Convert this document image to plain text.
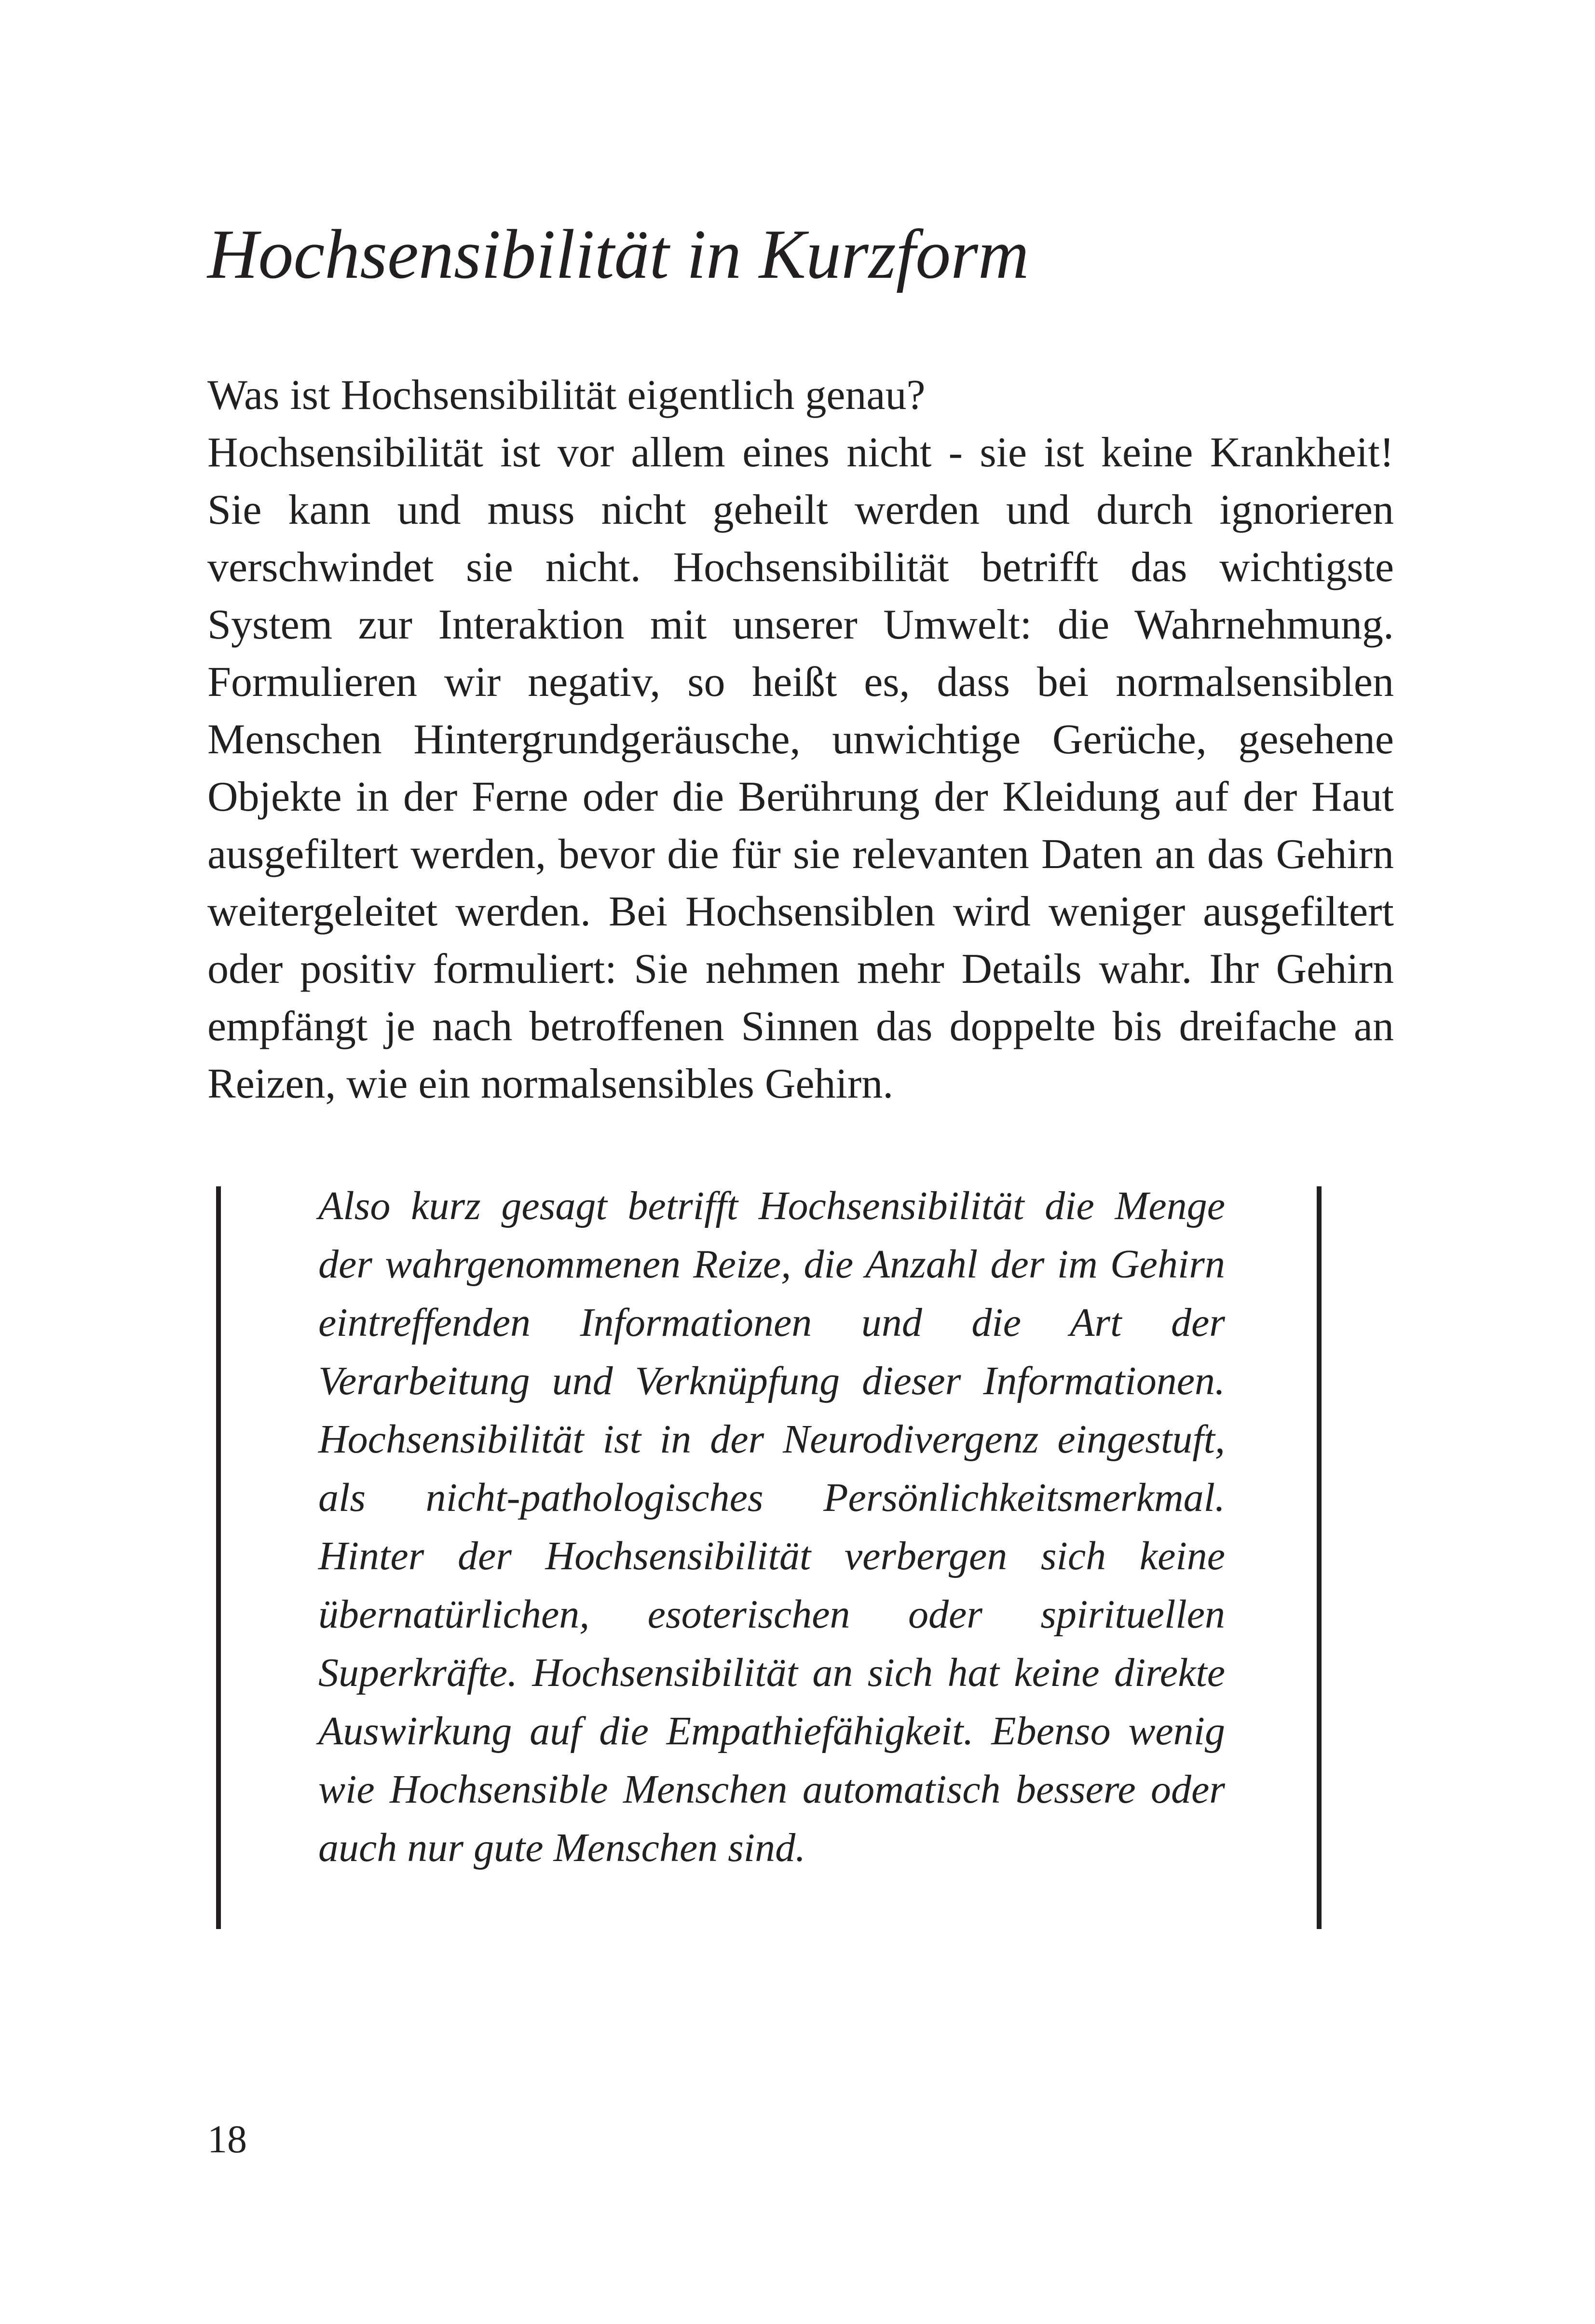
Hochsensibilität in Kurzform

Was ist Hochsensibilität eigentlich genau?

Hochsensibilität ist vor allem eines nicht - sie ist keine Krankheit! Sie kann und muss nicht geheilt werden und durch ignorieren verschwindet sie nicht. Hochsensibilität betrifft das wichtigste System zur Interaktion mit unserer Umwelt: die Wahrnehmung. Formulieren wir negativ, so heißt es, dass bei normalsensiblen Menschen Hintergrundgeräusche, unwichtige Gerüche, gesehene Objekte in der Ferne oder die Berührung der Kleidung auf der Haut ausgefiltert werden, bevor die für sie relevanten Daten an das Gehirn weitergeleitet werden. Bei Hochsensiblen wird weniger ausgefiltert oder positiv formuliert: Sie nehmen mehr Details wahr. Ihr Gehirn empfängt je nach betroffenen Sinnen das doppelte bis dreifache an Reizen, wie ein normalsensibles Gehirn.

Also kurz gesagt betrifft Hochsensibilität die Menge der wahrgenommenen Reize, die Anzahl der im Gehirn eintreffenden Informationen und die Art der Verarbeitung und Verknüpfung dieser Informationen. Hochsensibilität ist in der Neurodivergenz eingestuft, als nicht-pathologisches Persönlichkeitsmerkmal. Hinter der Hochsensibilität verbergen sich keine übernatürlichen, esoterischen oder spirituellen Superkräfte. Hochsensibilität an sich hat keine direkte Auswirkung auf die Empathiefähigkeit. Ebenso wenig wie Hochsensible Menschen automatisch bessere oder auch nur gute Menschen sind.

18
